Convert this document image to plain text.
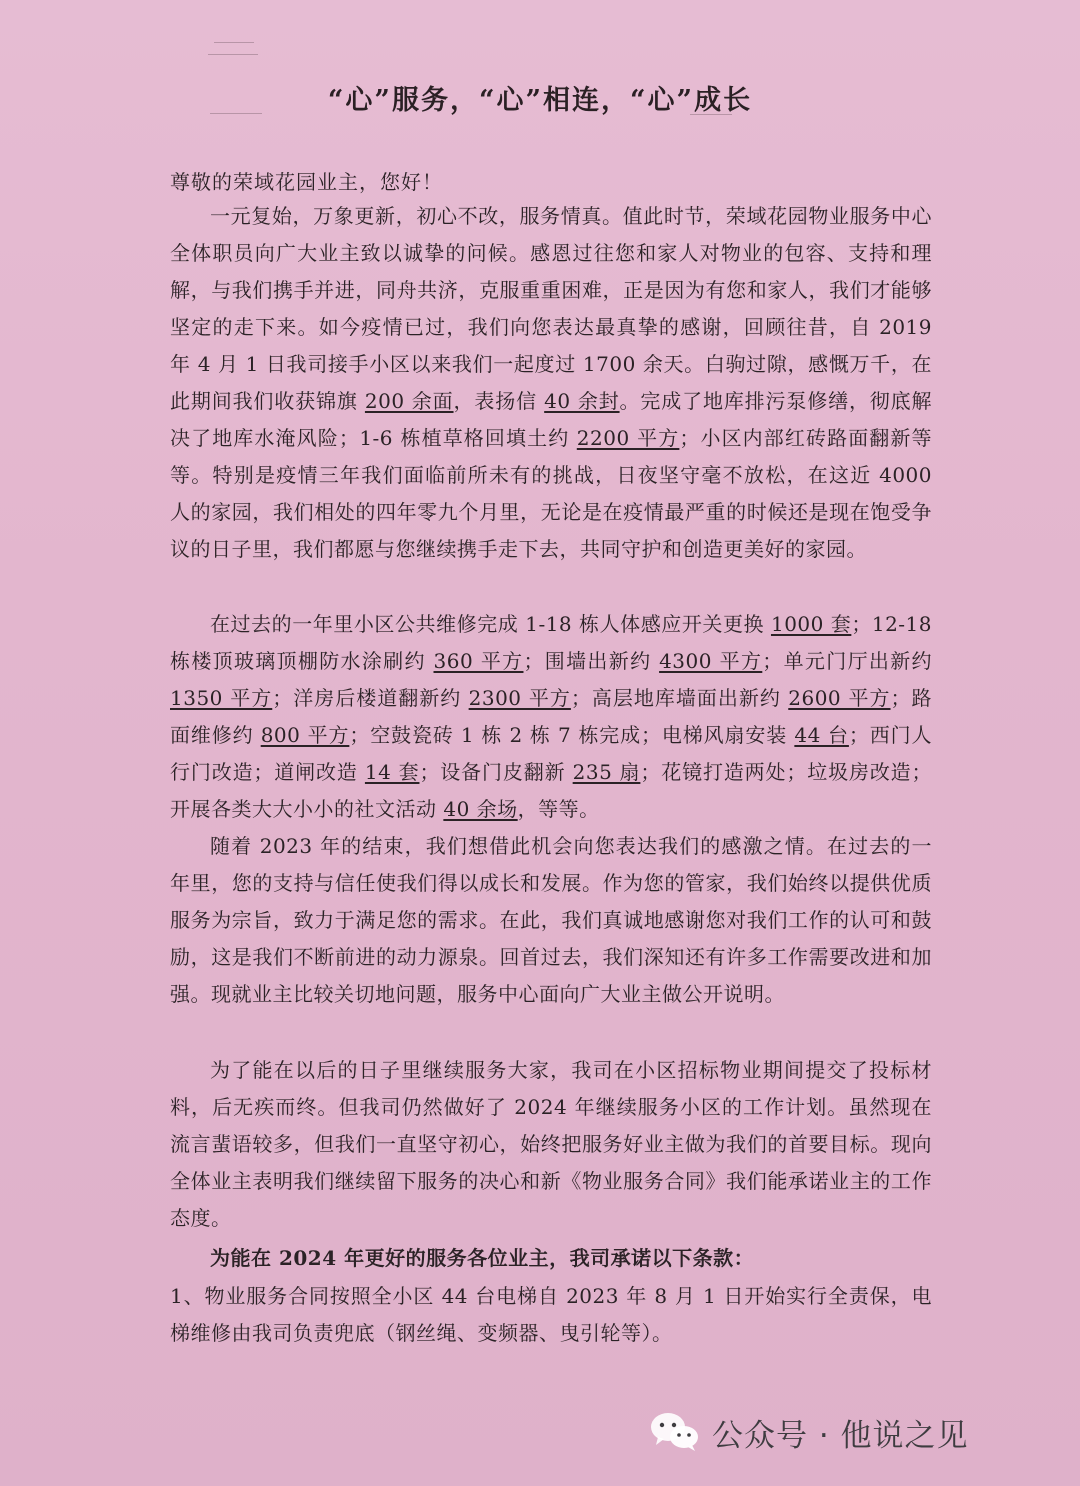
“心”服务，“心”相连，“心”成长
尊敬的荣域花园业主，您好！

一元复始，万象更新，初心不改，服务情真。值此时节，荣域花园物业服务中心全体职员向广大业主致以诚挚的问候。感恩过往您和家人对物业的包容、支持和理解，与我们携手并进，同舟共济，克服重重困难，正是因为有您和家人，我们才能够坚定的走下来。如今疫情已过，我们向您表达最真挚的感谢，回顾往昔，自 2019 年 4 月 1 日我司接手小区以来我们一起度过 1700 余天。白驹过隙，感慨万千，在此期间我们收获锦旗 200 余面，表扬信 40 余封。完成了地库排污泵修缮，彻底解决了地库水淹风险；1-6 栋植草格回填土约 2200 平方；小区内部红砖路面翻新等等。特别是疫情三年我们面临前所未有的挑战，日夜坚守毫不放松，在这近 4000 人的家园，我们相处的四年零九个月里，无论是在疫情最严重的时候还是现在饱受争议的日子里，我们都愿与您继续携手走下去，共同守护和创造更美好的家园。

在过去的一年里小区公共维修完成 1-18 栋人体感应开关更换 1000 套；12-18 栋楼顶玻璃顶棚防水涂刷约 360 平方；围墙出新约 4300 平方；单元门厅出新约 1350 平方；洋房后楼道翻新约 2300 平方；高层地库墙面出新约 2600 平方；路面维修约 800 平方；空鼓瓷砖 1 栋 2 栋 7 栋完成；电梯风扇安装 44 台；西门人行门改造；道闸改造 14 套；设备门皮翻新 235 扇；花镜打造两处；垃圾房改造；开展各类大大小小的社文活动 40 余场，等等。

随着 2023 年的结束，我们想借此机会向您表达我们的感激之情。在过去的一年里，您的支持与信任使我们得以成长和发展。作为您的管家，我们始终以提供优质服务为宗旨，致力于满足您的需求。在此，我们真诚地感谢您对我们工作的认可和鼓励，这是我们不断前进的动力源泉。回首过去，我们深知还有许多工作需要改进和加强。现就业主比较关切地问题，服务中心面向广大业主做公开说明。

为了能在以后的日子里继续服务大家，我司在小区招标物业期间提交了投标材料，后无疾而终。但我司仍然做好了 2024 年继续服务小区的工作计划。虽然现在流言蜚语较多，但我们一直坚守初心，始终把服务好业主做为我们的首要目标。现向全体业主表明我们继续留下服务的决心和新《物业服务合同》我们能承诺业主的工作态度。

为能在 2024 年更好的服务各位业主，我司承诺以下条款：

1、物业服务合同按照全小区 44 台电梯自 2023 年 8 月 1 日开始实行全责保，电梯维修由我司负责兜底（钢丝绳、变频器、曳引轮等）。

公众号 · 他说之见
